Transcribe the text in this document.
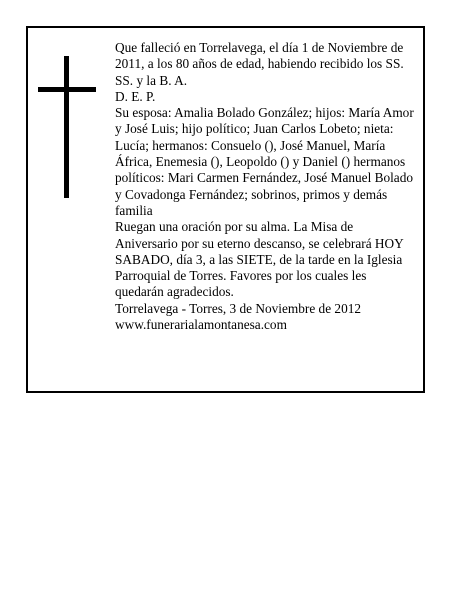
Que falleció en Torrelavega, el día 1 de Noviembre de 2011, a los 80 años de edad, habiendo recibido los SS. SS. y la B. A.

D. E. P.

Su esposa: Amalia Bolado González; hijos: María Amor y José Luis; hijo político; Juan Carlos Lobeto; nieta: Lucía; hermanos: Consuelo (), José Manuel, María África, Enemesia (), Leopoldo () y Daniel () hermanos políticos: Mari Carmen Fernández, José Manuel Bolado y Covadonga Fernández; sobrinos, primos y demás familia

Ruegan una oración por su alma. La Misa de Aniversario por su eterno descanso, se celebrará HOY SABADO, día 3, a las SIETE, de la tarde en la Iglesia Parroquial de Torres. Favores por los cuales les quedarán agradecidos.

Torrelavega - Torres, 3 de Noviembre de 2012

www.funerarialamontanesa.com
